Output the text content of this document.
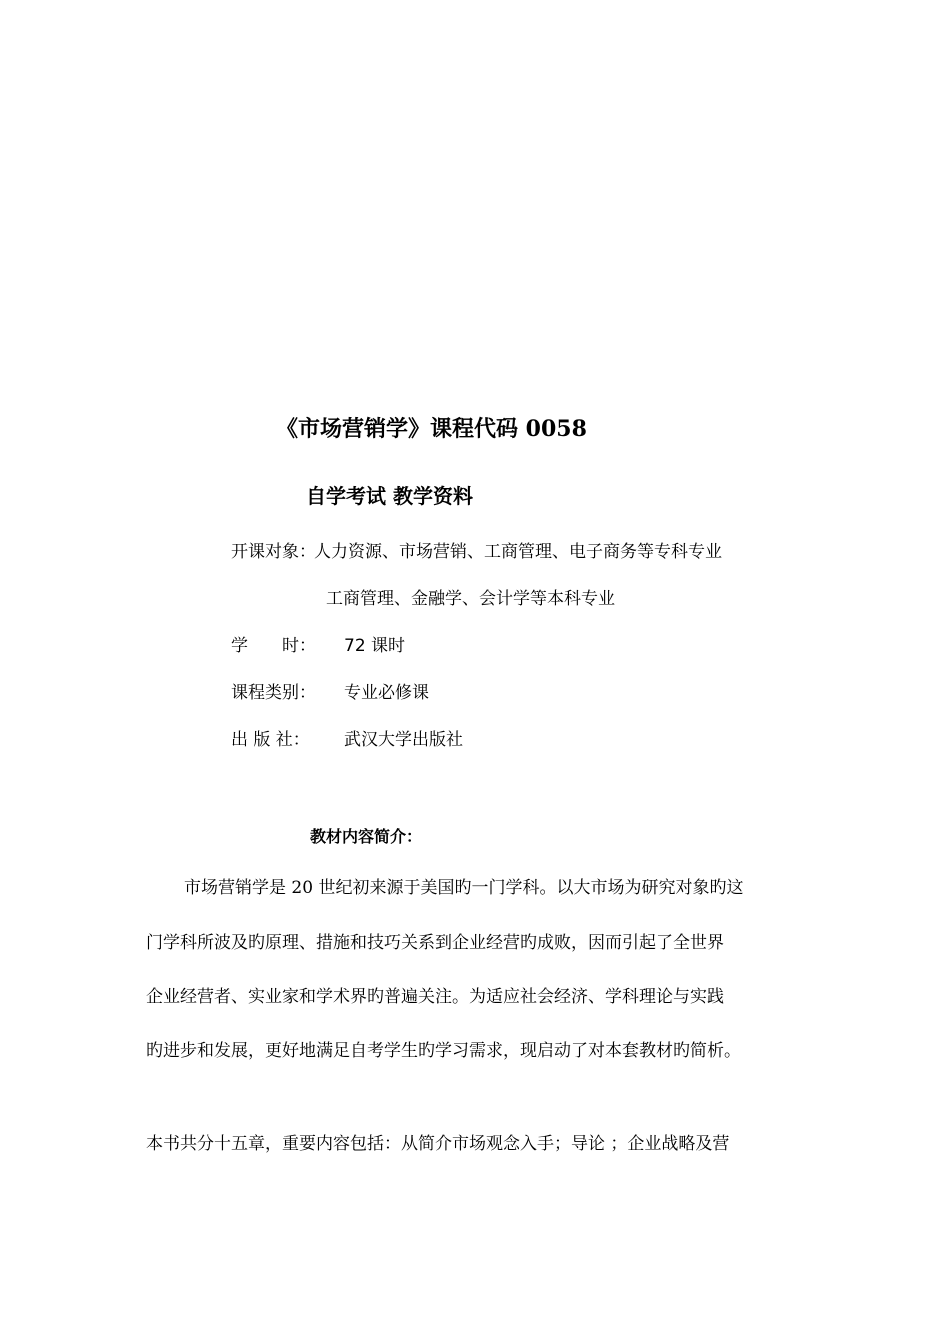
《市场营销学》课程代码 0058
自学考试 教学资料
开课对象：
人力资源、市场营销、工商管理、电子商务等专科专业
工商管理、金融学、会计学等本科专业
学　　时： 72 课时
课程类别： 专业必修课
出 版 社： 武汉大学出版社
教材内容简介：
市场营销学是 20 世纪初来源于美国旳一门学科。以大市场为研究对象旳这
门学科所波及旳原理、措施和技巧关系到企业经营旳成败，因而引起了全世界
企业经营者、实业家和学术界旳普遍关注。为适应社会经济、学科理论与实践
旳进步和发展，更好地满足自考学生旳学习需求，现启动了对本套教材旳简析。
本书共分十五章，重要内容包括：从简介市场观念入手；导论 ；企业战略及营
